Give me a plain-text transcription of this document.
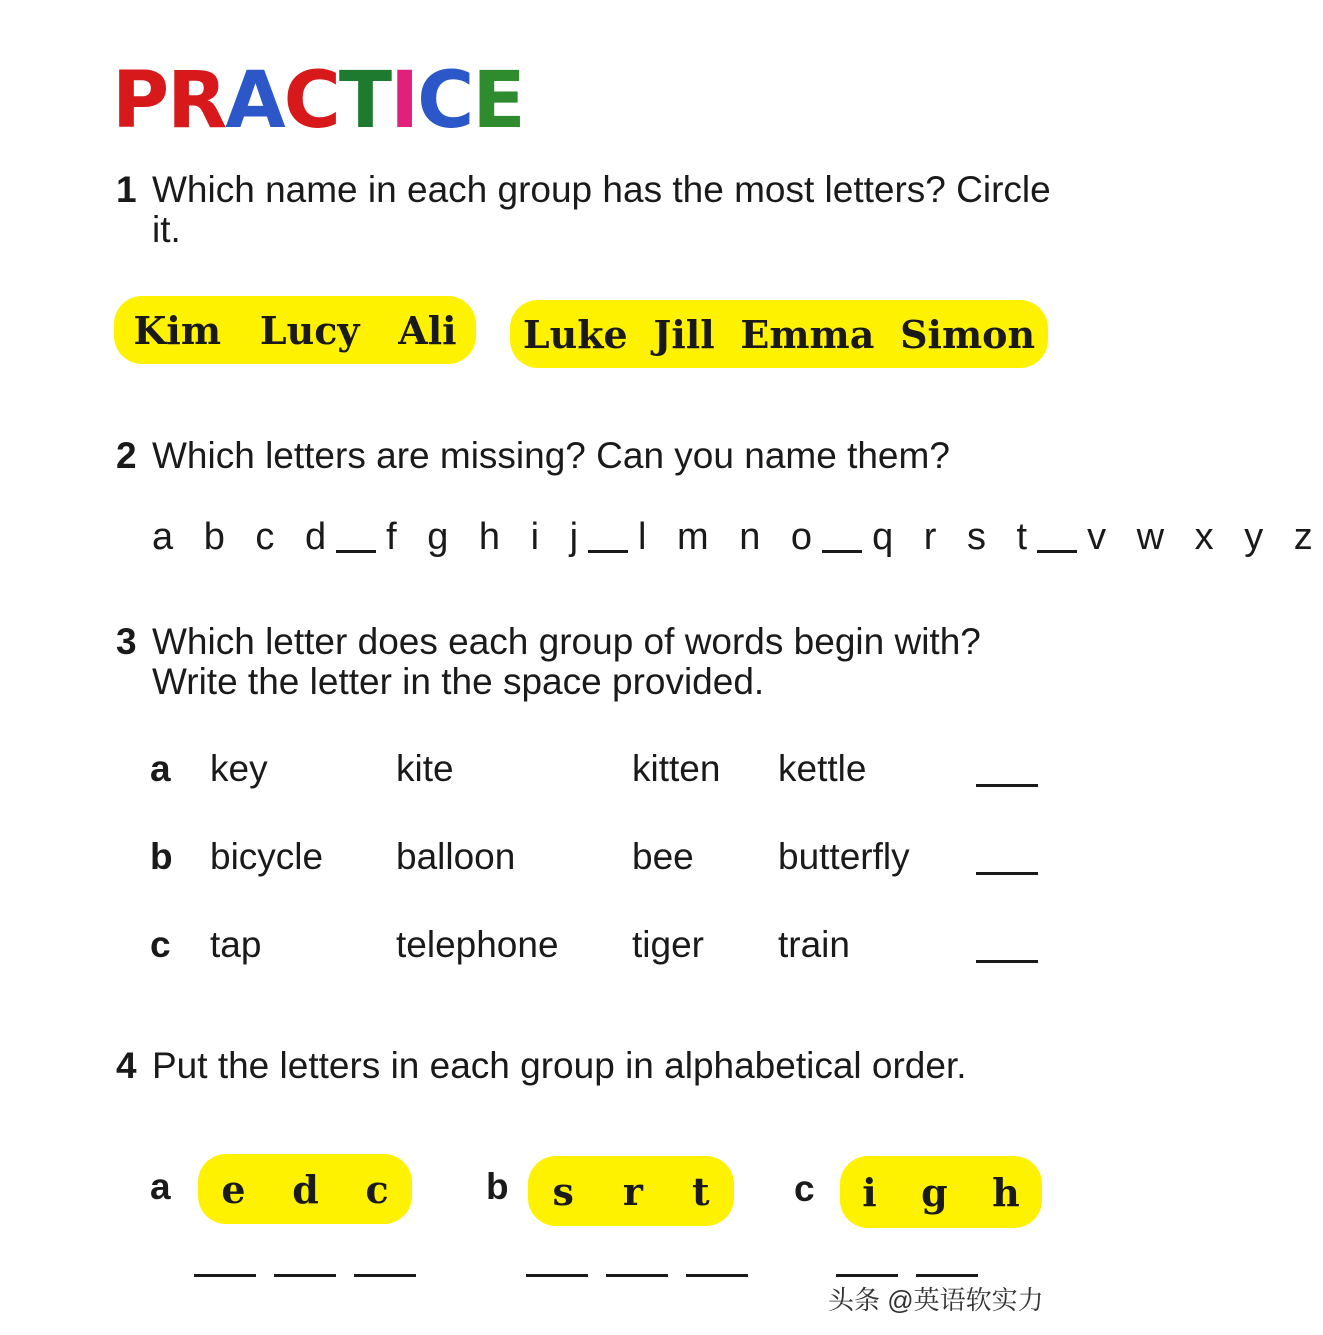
PRACTICE
1 Which name in each group has the most letters? Circle it.
Kim Lucy Ali Luke Jill Emma Simon
2 Which letters are missing? Can you name them?
a b c d f g h i j l m n o q r s t v w x y z
3 Which letter does each group of words begin with? Write the letter in the space provided.
a key	kite	kitten kettle
b bicycle balloon	bee butterfly
c tap	telephone tiger train
4 Put the letters in each group in alphabetical order.
a e d c	b s r t c i g h
头条 @英语软实力
